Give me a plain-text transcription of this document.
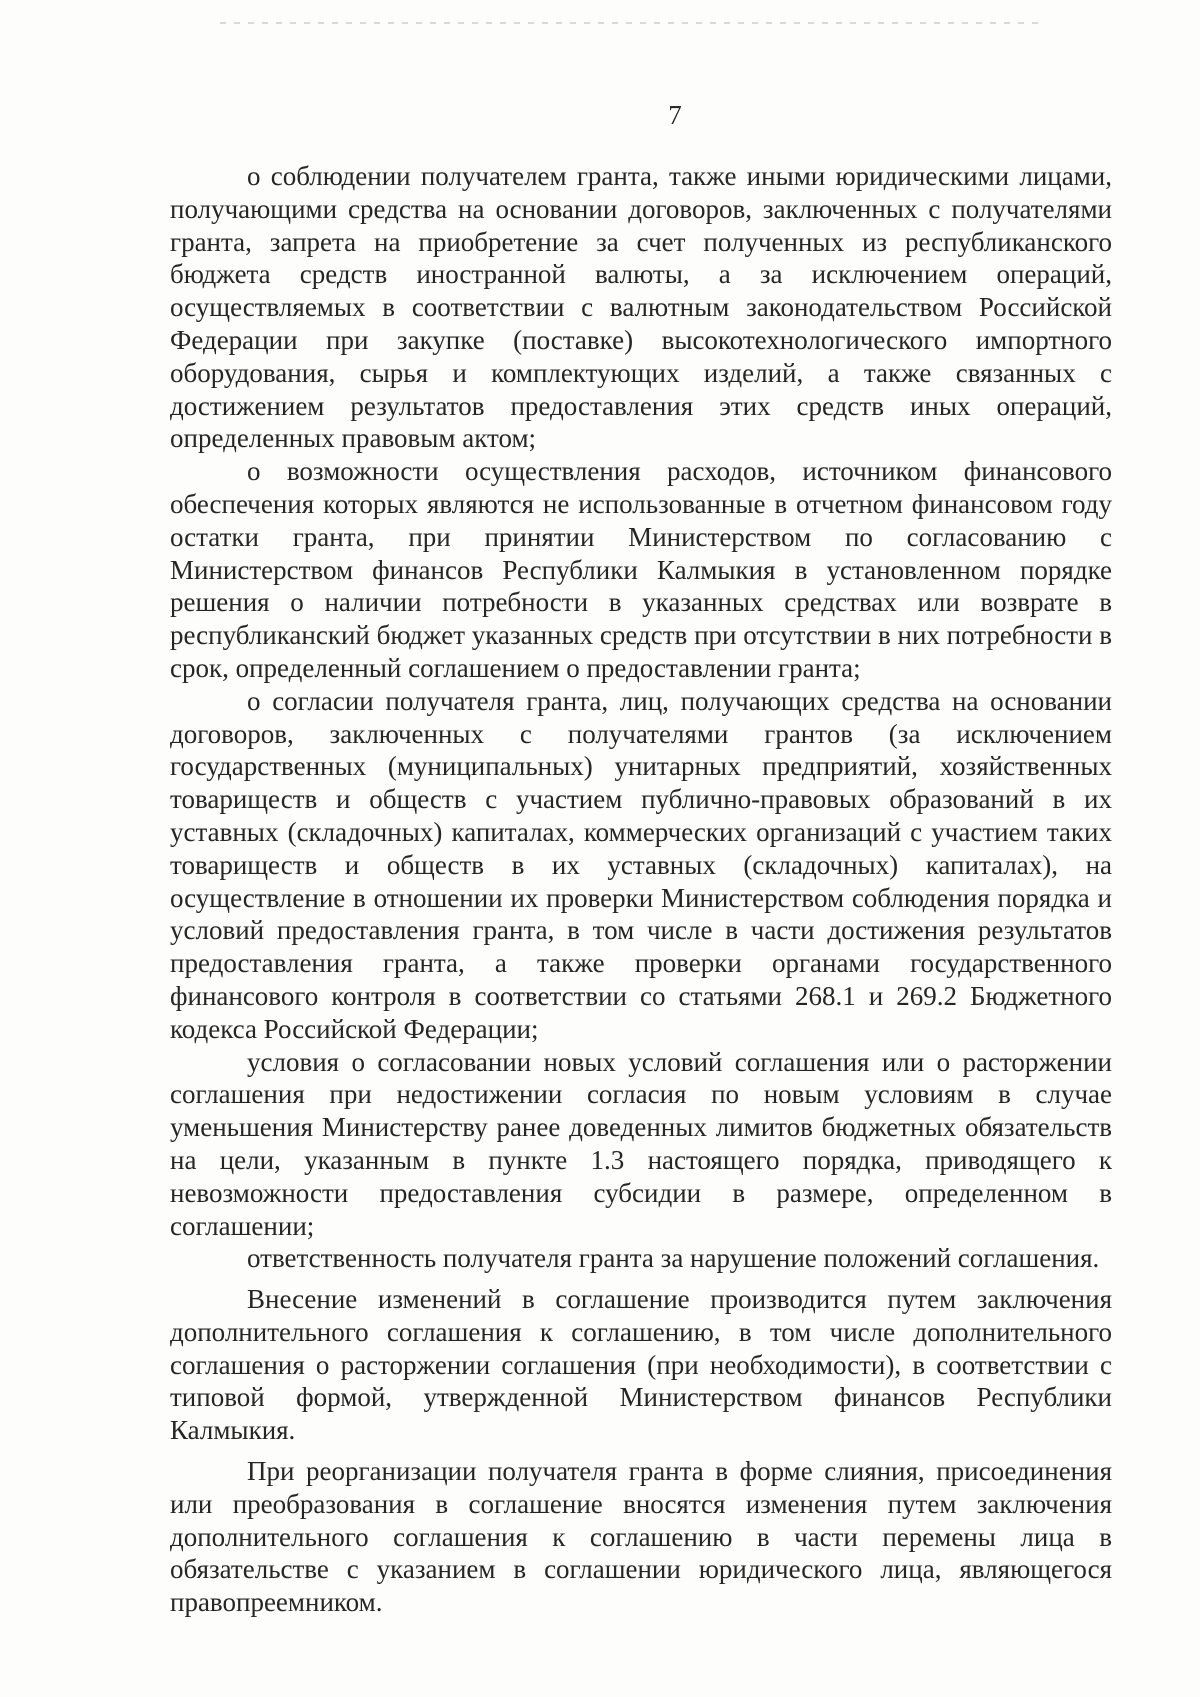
7

о соблюдении получателем гранта, также иными юридическими лицами, получающими средства на основании договоров, заключенных с получателями гранта, запрета на приобретение за счет полученных из республиканского бюджета средств иностранной валюты, а за исключением операций, осуществляемых в соответствии с валютным законодательством Российской Федерации при закупке (поставке) высокотехнологического импортного оборудования, сырья и комплектующих изделий, а также связанных с достижением результатов предоставления этих средств иных операций, определенных правовым актом;

о возможности осуществления расходов, источником финансового обеспечения которых являются не использованные в отчетном финансовом году остатки гранта, при принятии Министерством по согласованию с Министерством финансов Республики Калмыкия в установленном порядке решения о наличии потребности в указанных средствах или возврате в республиканский бюджет указанных средств при отсутствии в них потребности в срок, определенный соглашением о предоставлении гранта;

о согласии получателя гранта, лиц, получающих средства на основании договоров, заключенных с получателями грантов (за исключением государственных (муниципальных) унитарных предприятий, хозяйственных товариществ и обществ с участием публично-правовых образований в их уставных (складочных) капиталах, коммерческих организаций с участием таких товариществ и обществ в их уставных (складочных) капиталах), на осуществление в отношении их проверки Министерством соблюдения порядка и условий предоставления гранта, в том числе в части достижения результатов предоставления гранта, а также проверки органами государственного финансового контроля в соответствии со статьями 268.1 и 269.2 Бюджетного кодекса Российской Федерации;

условия о согласовании новых условий соглашения или о расторжении соглашения при недостижении согласия по новым условиям в случае уменьшения Министерству ранее доведенных лимитов бюджетных обязательств на цели, указанным в пункте 1.3 настоящего порядка, приводящего к невозможности предоставления субсидии в размере, определенном в соглашении;

ответственность получателя гранта за нарушение положений соглашения.

Внесение изменений в соглашение производится путем заключения дополнительного соглашения к соглашению, в том числе дополнительного соглашения о расторжении соглашения (при необходимости), в соответствии с типовой формой, утвержденной Министерством финансов Республики Калмыкия.

При реорганизации получателя гранта в форме слияния, присоединения или преобразования в соглашение вносятся изменения путем заключения дополнительного соглашения к соглашению в части перемены лица в обязательстве с указанием в соглашении юридического лица, являющегося правопреемником.
